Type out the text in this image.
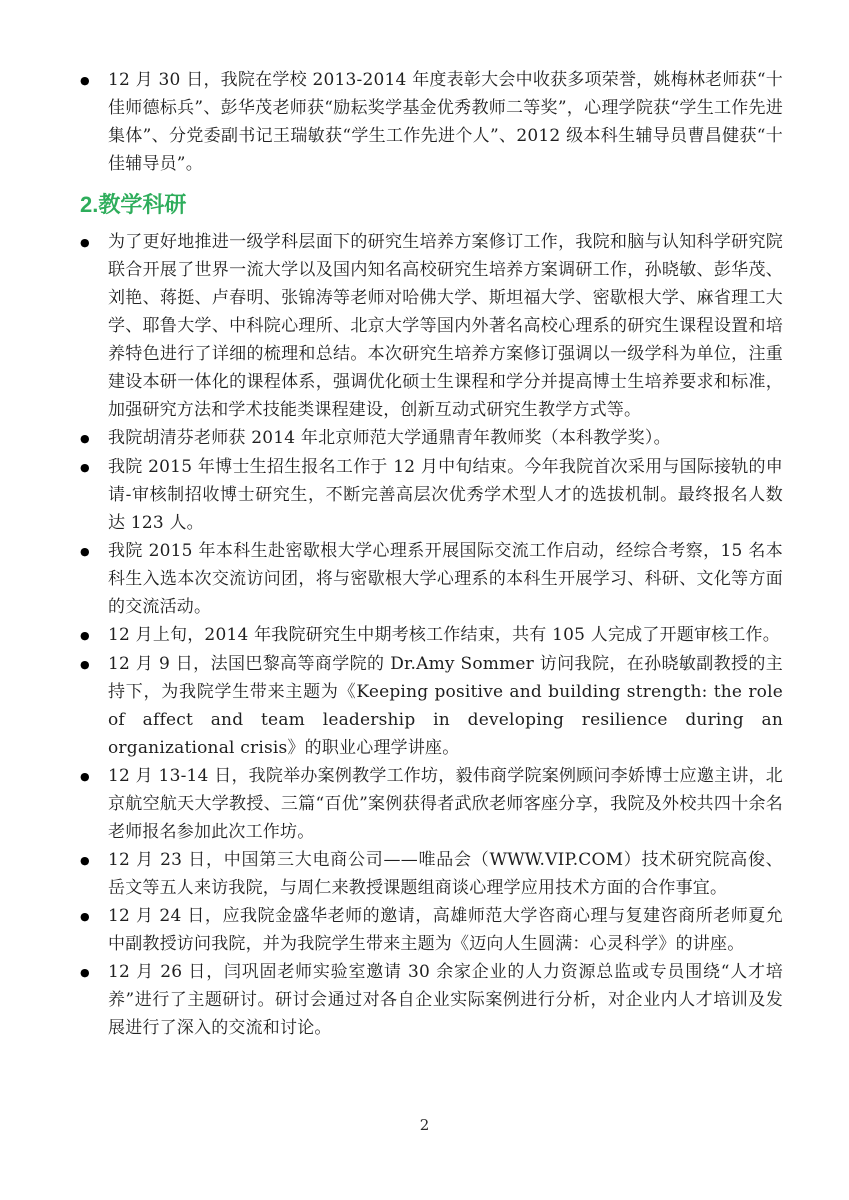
●	12 月 30 日，我院在学校 2013-2014 年度表彰大会中收获多项荣誉，姚梅林老师获“十佳师德标兵”、彭华茂老师获“励耘奖学基金优秀教师二等奖”，心理学院获“学生工作先进集体”、分党委副书记王瑞敏获“学生工作先进个人”、2012 级本科生辅导员曹昌健获“十佳辅导员”。
2.教学科研
●	为了更好地推进一级学科层面下的研究生培养方案修订工作，我院和脑与认知科学研究院联合开展了世界一流大学以及国内知名高校研究生培养方案调研工作，孙晓敏、彭华茂、刘艳、蒋挺、卢春明、张锦涛等老师对哈佛大学、斯坦福大学、密歇根大学、麻省理工大学、耶鲁大学、中科院心理所、北京大学等国内外著名高校心理系的研究生课程设置和培养特色进行了详细的梳理和总结。本次研究生培养方案修订强调以一级学科为单位，注重建设本研一体化的课程体系，强调优化硕士生课程和学分并提高博士生培养要求和标准，加强研究方法和学术技能类课程建设，创新互动式研究生教学方式等。
●	我院胡清芬老师获 2014 年北京师范大学通鼎青年教师奖（本科教学奖）。
●	我院 2015 年博士生招生报名工作于 12 月中旬结束。今年我院首次采用与国际接轨的申请-审核制招收博士研究生，不断完善高层次优秀学术型人才的选拔机制。最终报名人数达 123 人。
●	我院 2015 年本科生赴密歇根大学心理系开展国际交流工作启动，经综合考察，15 名本科生入选本次交流访问团，将与密歇根大学心理系的本科生开展学习、科研、文化等方面的交流活动。
●	12 月上旬，2014 年我院研究生中期考核工作结束，共有 105 人完成了开题审核工作。
●	12 月 9 日，法国巴黎高等商学院的 Dr.Amy Sommer 访问我院，在孙晓敏副教授的主持下，为我院学生带来主题为《Keeping positive and building strength: the role of affect and team leadership in developing resilience during an organizational crisis》的职业心理学讲座。
●	12 月 13-14 日，我院举办案例教学工作坊，毅伟商学院案例顾问李娇博士应邀主讲，北京航空航天大学教授、三篇“百优”案例获得者武欣老师客座分享，我院及外校共四十余名老师报名参加此次工作坊。
●	12 月 23 日，中国第三大电商公司——唯品会（WWW.VIP.COM）技术研究院高俊、岳文等五人来访我院，与周仁来教授课题组商谈心理学应用技术方面的合作事宜。
●	12 月 24 日，应我院金盛华老师的邀请，高雄师范大学咨商心理与复建咨商所老师夏允中副教授访问我院，并为我院学生带来主题为《迈向人生圆满：心灵科学》的讲座。
●	12 月 26 日，闫巩固老师实验室邀请 30 余家企业的人力资源总监或专员围绕“人才培养”进行了主题研讨。研讨会通过对各自企业实际案例进行分析，对企业内人才培训及发展进行了深入的交流和讨论。
2
